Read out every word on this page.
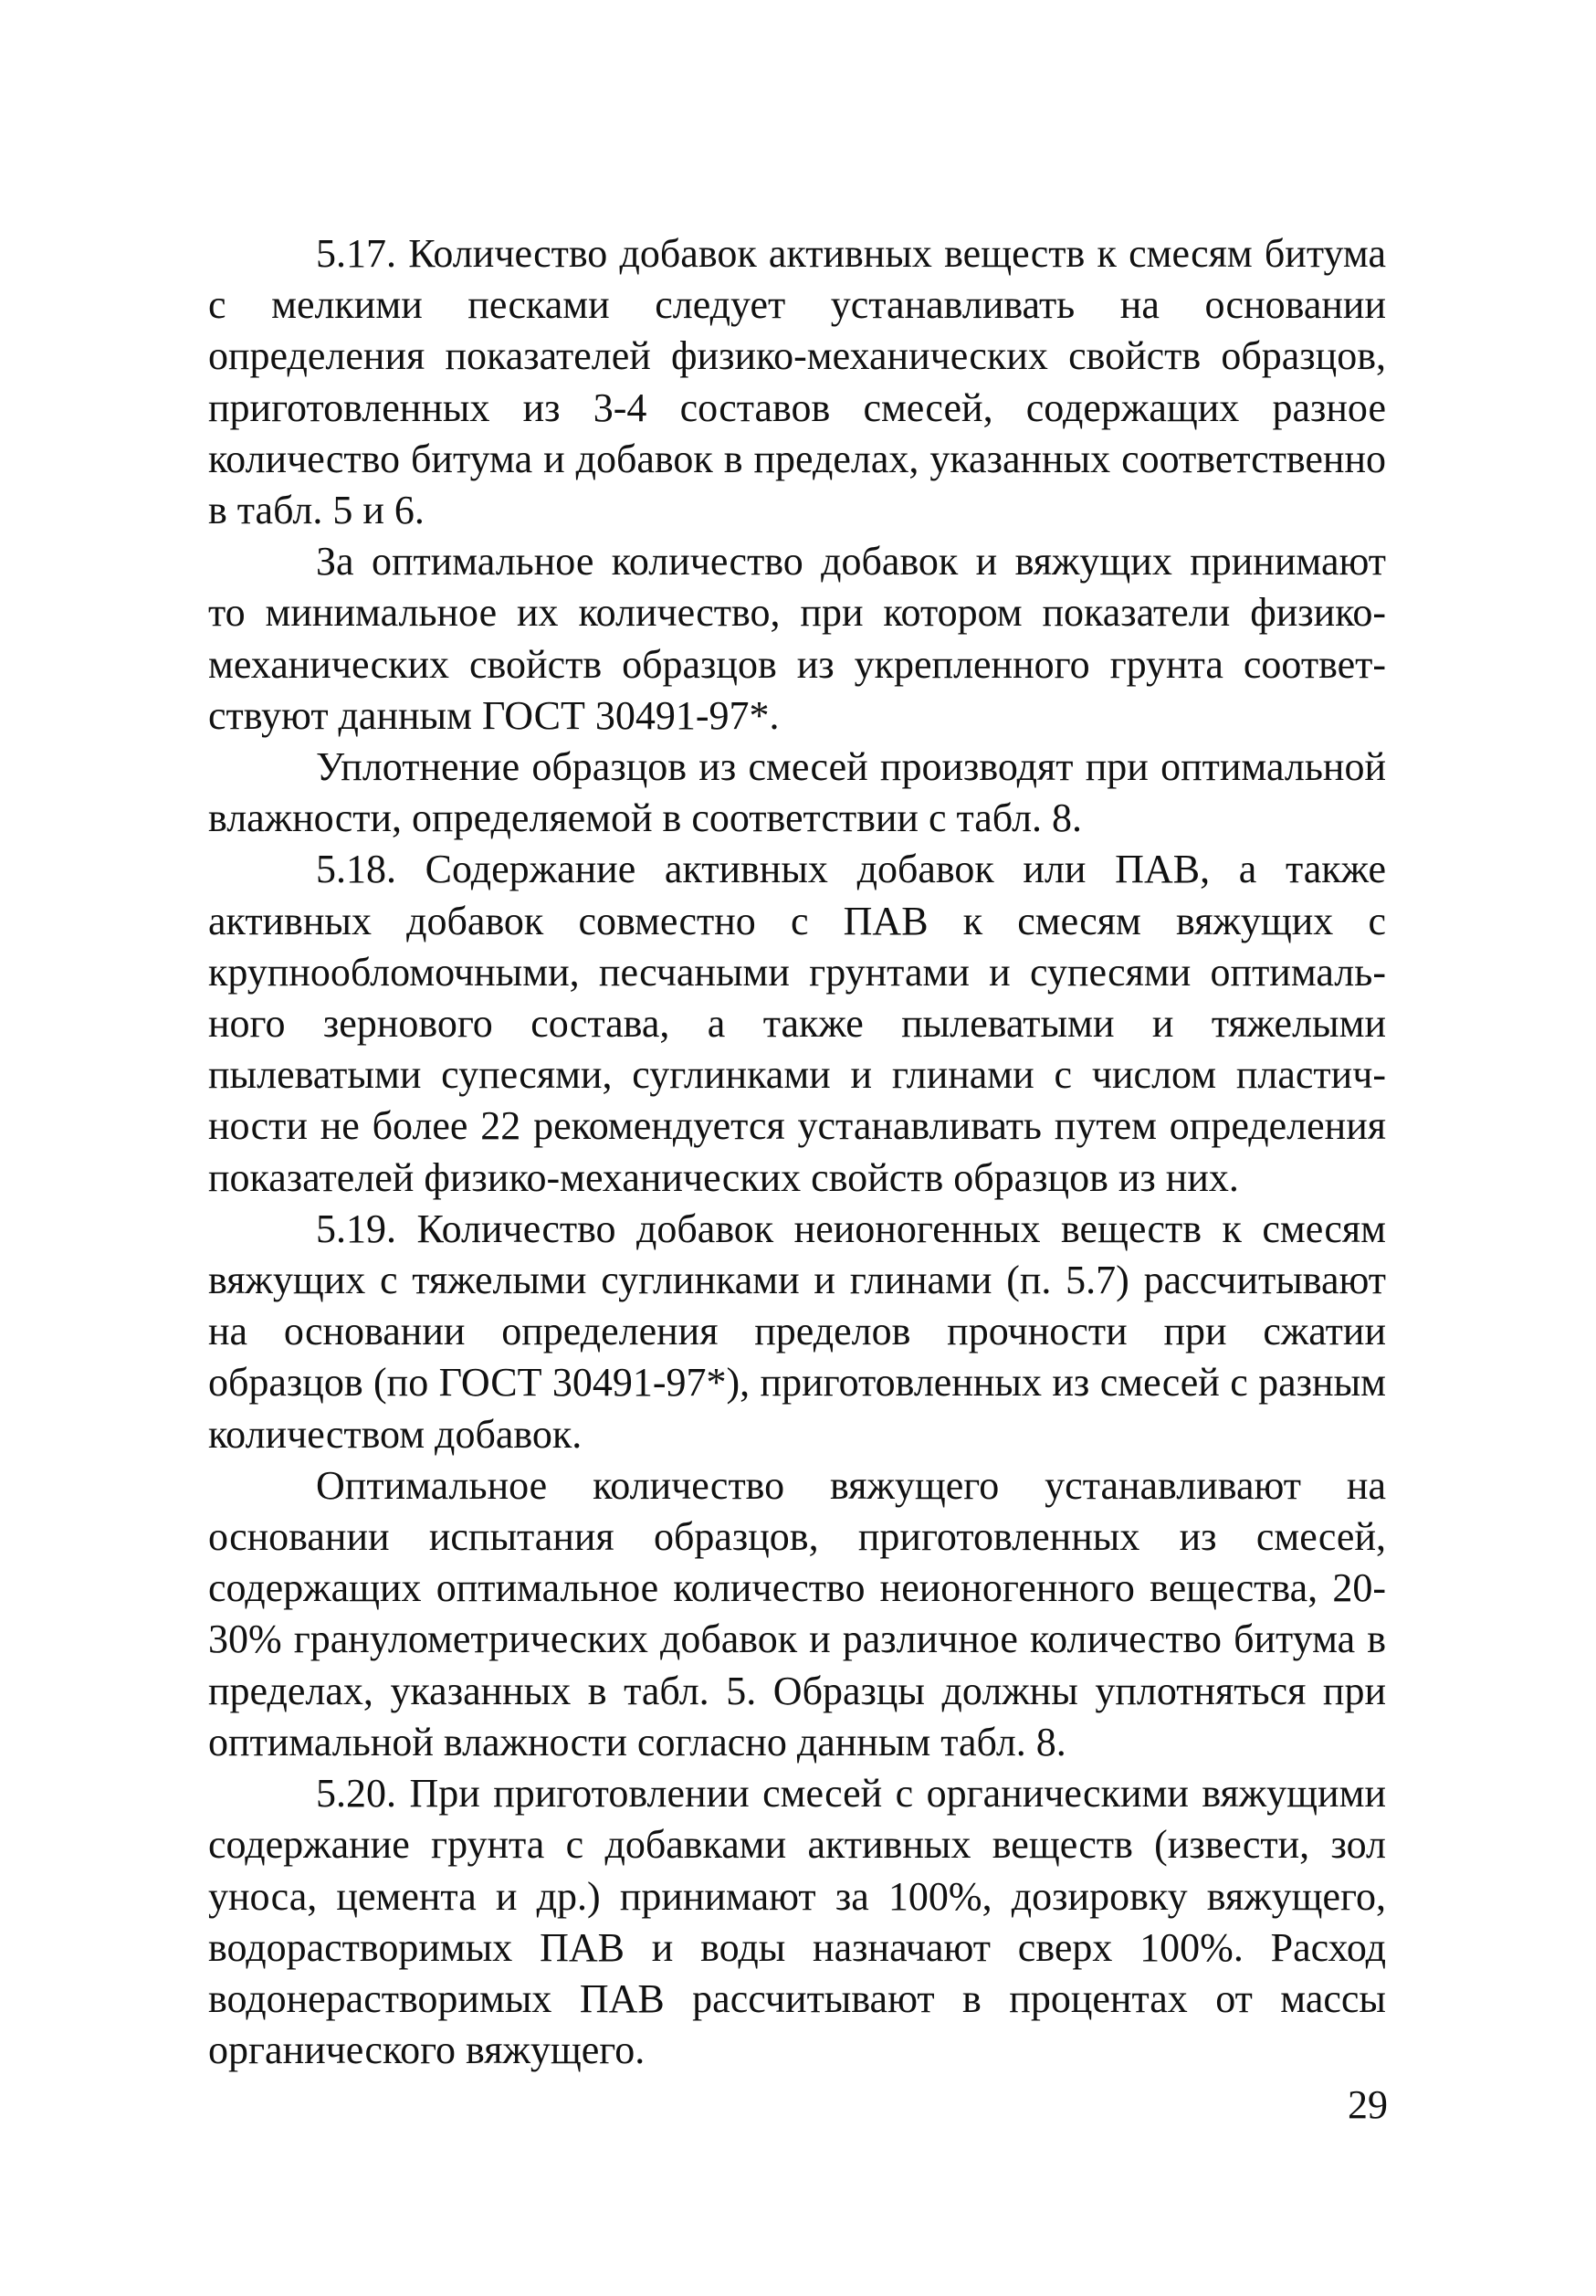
5.17. Количество добавок активных веществ к смесям битума с мелкими песками следует устанавливать на основании определения показателей физико-механических свойств образцов, приготовленных из 3-4 составов смесей, содержащих разное количество битума и добавок в пределах, указанных соответственно в табл. 5 и 6.

За оптимальное количество добавок и вяжущих принимают то минимальное их количество, при котором показатели физикомеханических свойств образцов из укрепленного грунта соответствуют данным ГОСТ 30491-97*.

Уплотнение образцов из смесей производят при оптимальной влажности, определяемой в соответствии с табл. 8.

5.18. Содержание активных добавок или ПАВ, а также активных добавок совместно с ПАВ к смесям вяжущих с крупнообломочными, песчаными грунтами и супесями оптимального зернового состава, а также пылеватыми и тяжелыми пылеватыми супесями, суглинками и глинами с числом пластичности не более 22 рекомендуется устанавливать путем определения показателей физико-механических свойств образцов из них.

5.19. Количество добавок неионогенных веществ к смесям вяжущих с тяжелыми суглинками и глинами (п. 5.7) рассчитывают на основании определения пределов прочности при сжатии образцов (по ГОСТ 30491-97*), приготовленных из смесей с разным количеством добавок.

Оптимальное количество вяжущего устанавливают на основании испытания образцов, приготовленных из смесей, содержащих оптимальное количество неионогенного вещества, 20-30% гранулометрических добавок и различное количество битума в пределах, указанных в табл. 5. Образцы должны уплотняться при оптимальной влажности согласно данным табл. 8.

5.20. При приготовлении смесей с органическими вяжущими содержание грунта с добавками активных веществ (извести, зол уноса, цемента и др.) принимают за 100%, дозировку вяжущего, водорастворимых ПАВ и воды назначают сверх 100%. Расход водонерастворимых ПАВ рассчитывают в процентах от массы органического вяжущего.

29
